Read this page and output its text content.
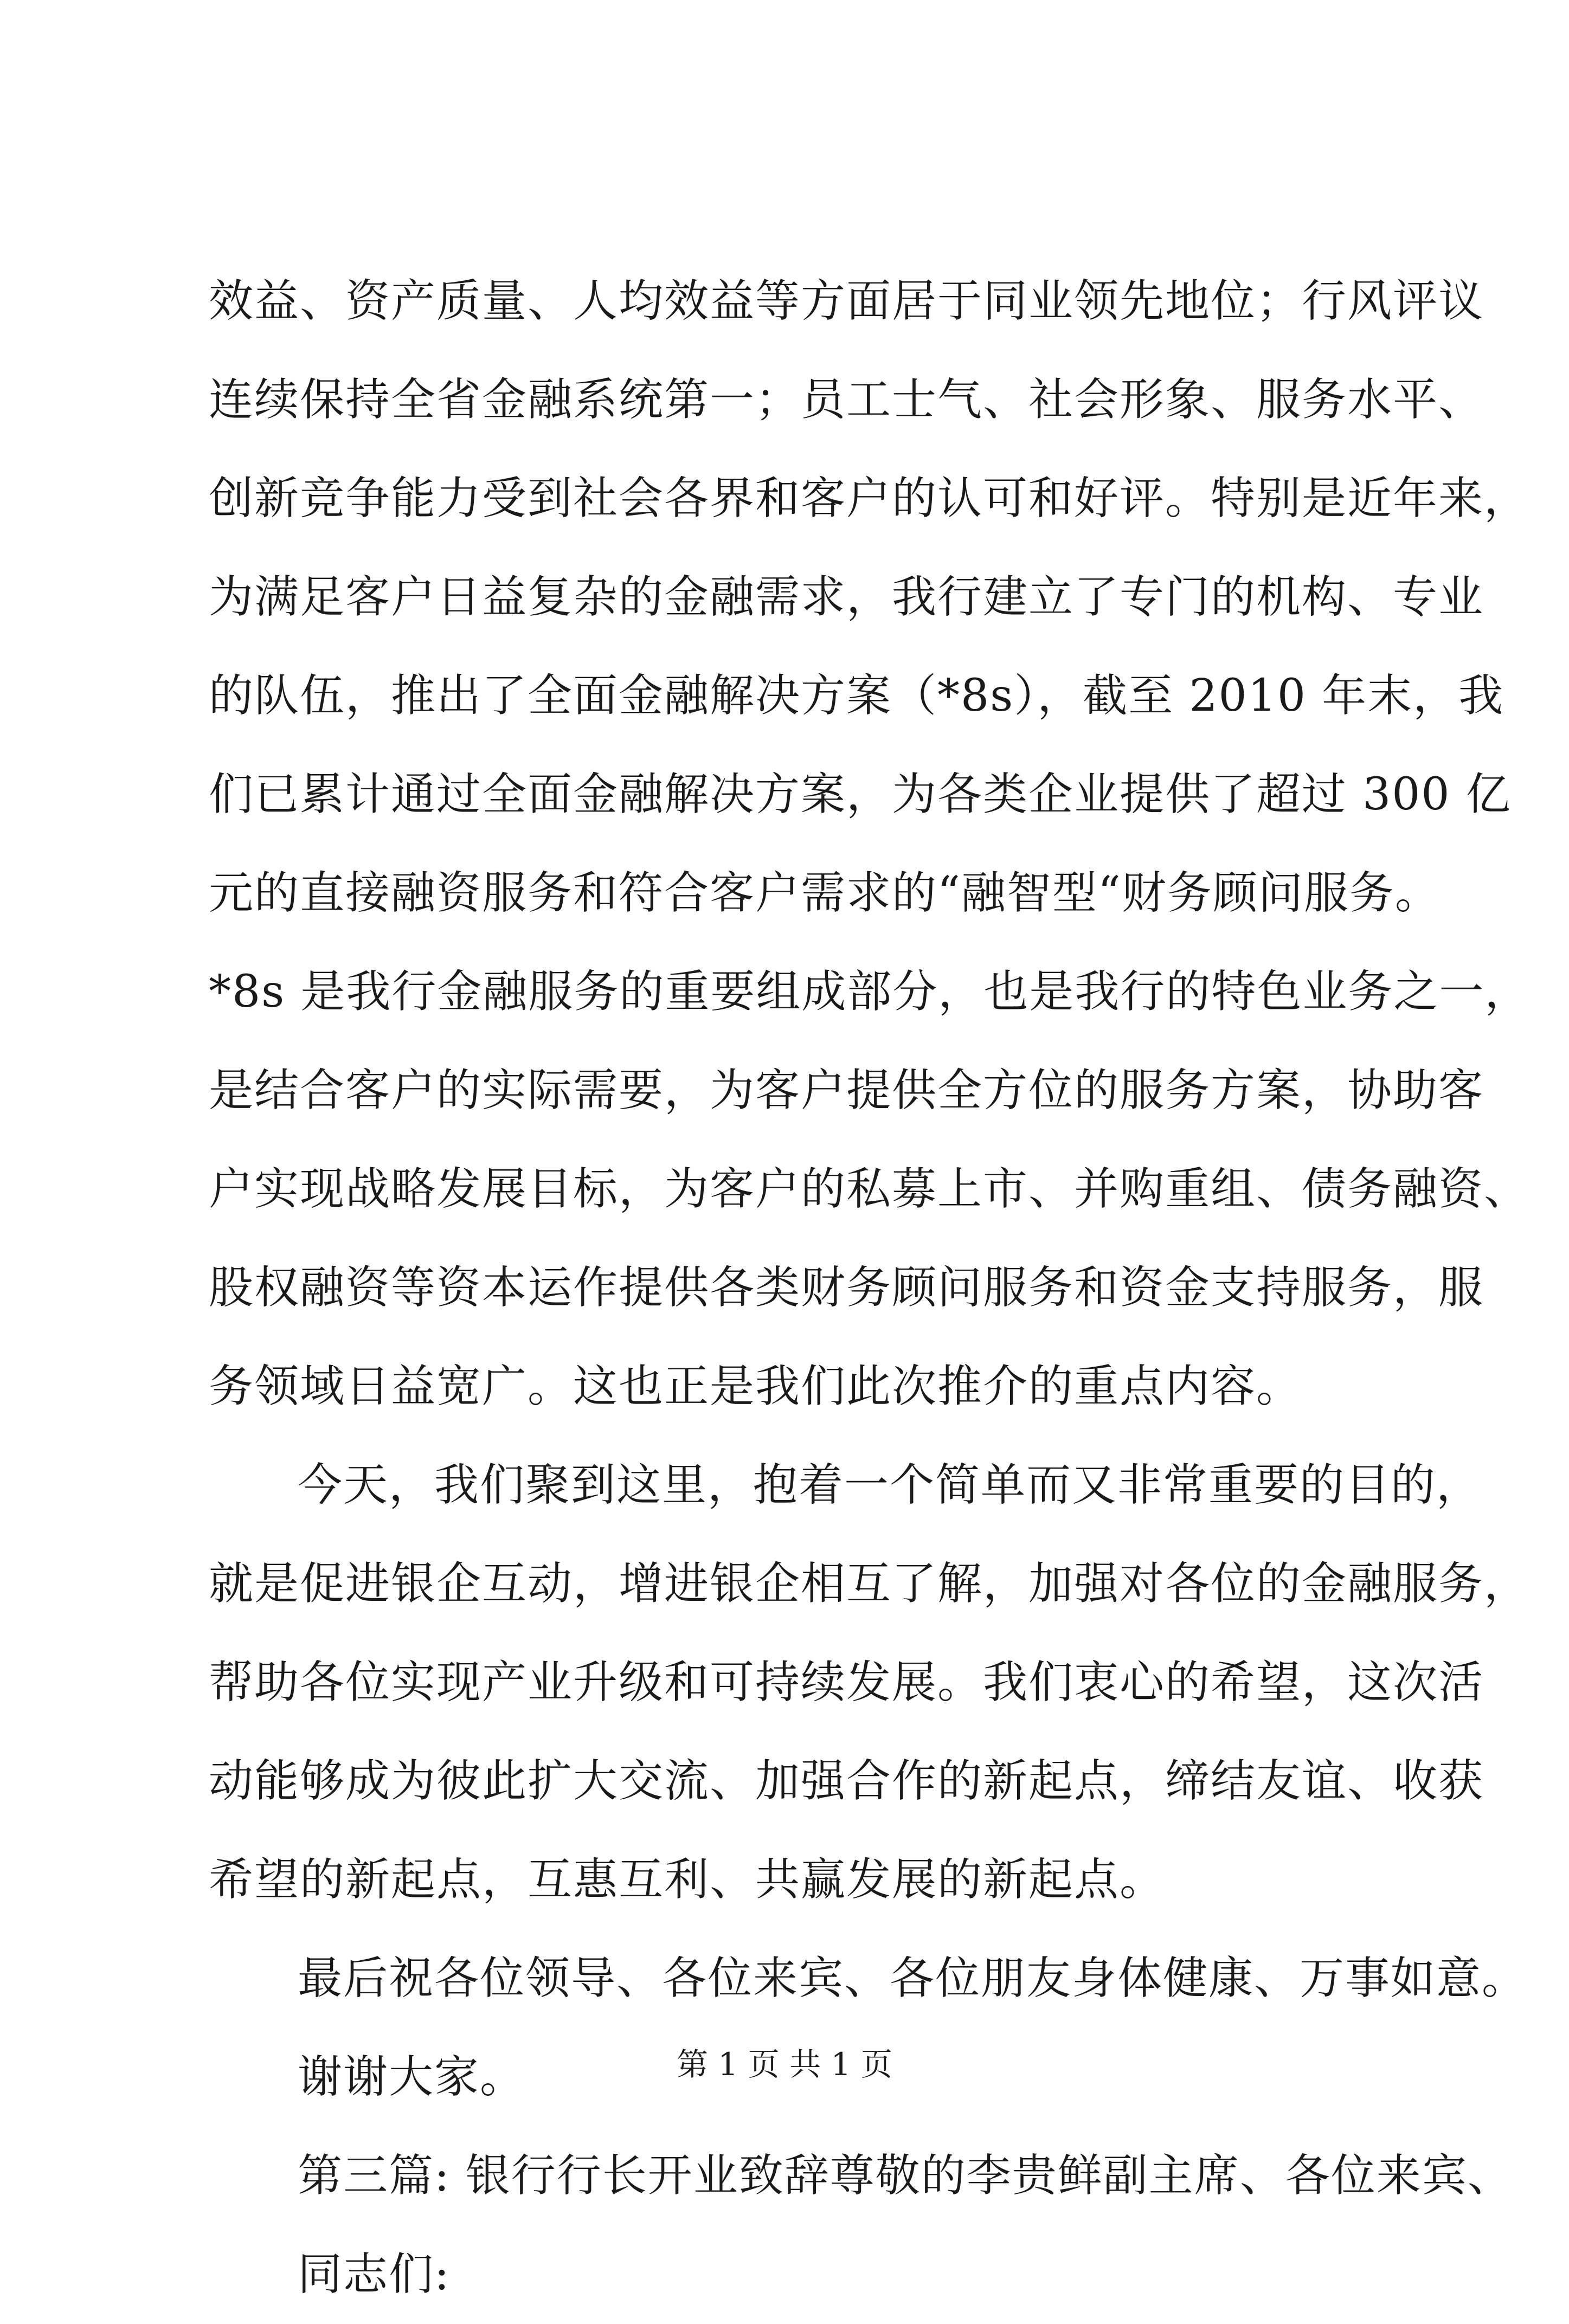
效益、资产质量、人均效益等方面居于同业领先地位；行风评议
连续保持全省金融系统第一；员工士气、社会形象、服务水平、
创新竞争能力受到社会各界和客户的认可和好评。特别是近年来，
为满足客户日益复杂的金融需求，我行建立了专门的机构、专业
的队伍，推出了全面金融解决方案（*8s），截至 2010 年末，我
们已累计通过全面金融解决方案，为各类企业提供了超过 300 亿
元的直接融资服务和符合客户需求的“融智型“财务顾问服务。
*8s 是我行金融服务的重要组成部分，也是我行的特色业务之一，
是结合客户的实际需要，为客户提供全方位的服务方案，协助客
户实现战略发展目标，为客户的私募上市、并购重组、债务融资、
股权融资等资本运作提供各类财务顾问服务和资金支持服务，服
务领域日益宽广。这也正是我们此次推介的重点内容。
今天，我们聚到这里，抱着一个简单而又非常重要的目的，
就是促进银企互动，增进银企相互了解，加强对各位的金融服务，
帮助各位实现产业升级和可持续发展。我们衷心的希望，这次活
动能够成为彼此扩大交流、加强合作的新起点，缔结友谊、收获
希望的新起点，互惠互利、共赢发展的新起点。
最后祝各位领导、各位来宾、各位朋友身体健康、万事如意。
谢谢大家。
第三篇: 银行行长开业致辞尊敬的李贵鲜副主席、各位来宾、
同志们:
第 1 页 共 1 页
